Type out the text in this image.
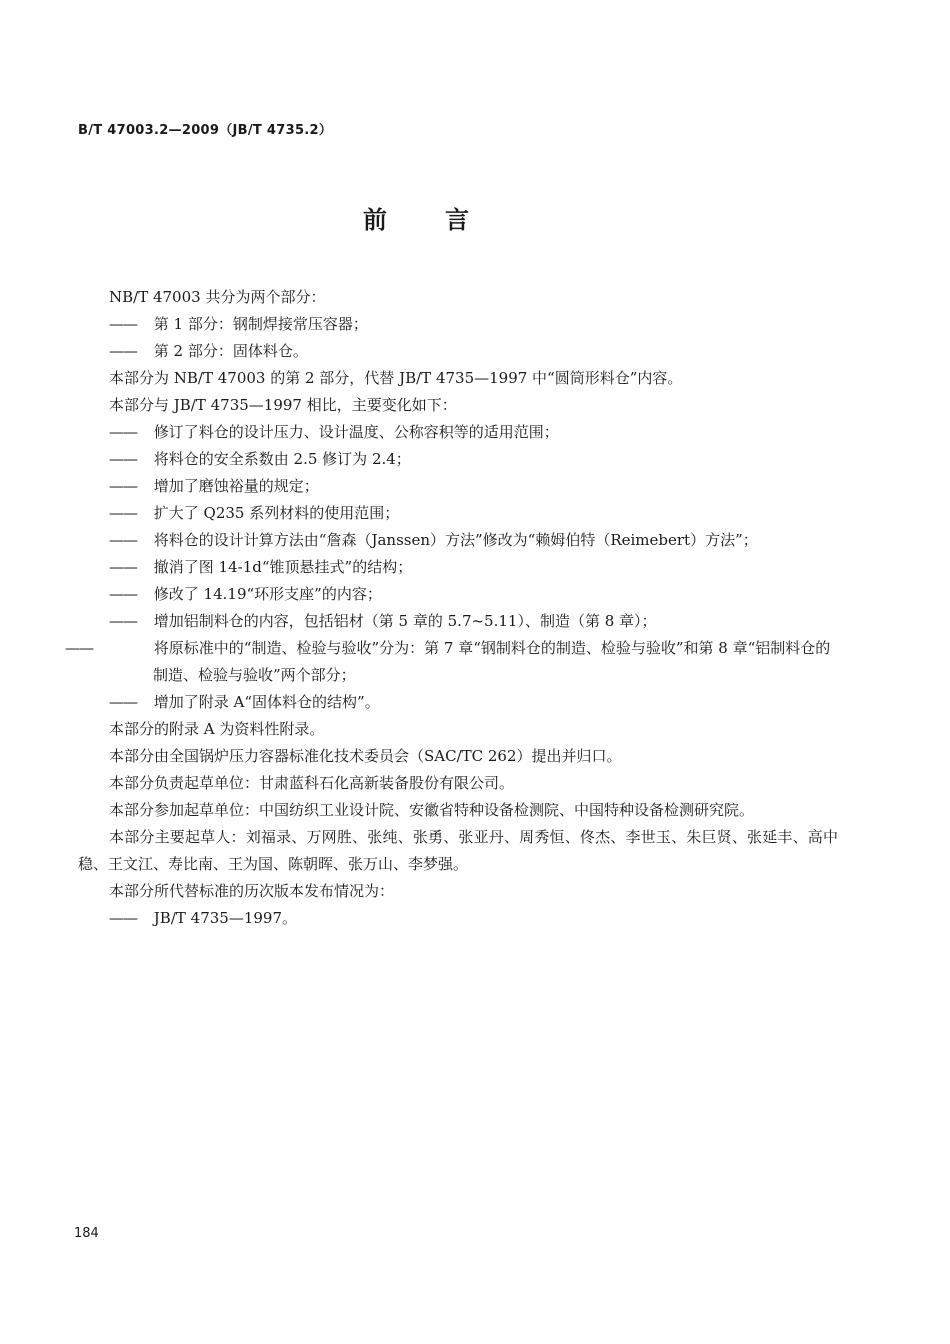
B/T 47003.2—2009（JB/T 4735.2）
前言

NB/T 47003 共分为两个部分：

—— 第 1 部分：钢制焊接常压容器；

—— 第 2 部分：固体料仓。

本部分为 NB/T 47003 的第 2 部分，代替 JB/T 4735—1997 中“圆筒形料仓”内容。

本部分与 JB/T 4735—1997 相比，主要变化如下：

—— 修订了料仓的设计压力、设计温度、公称容积等的适用范围；

—— 将料仓的安全系数由 2.5 修订为 2.4；

—— 增加了磨蚀裕量的规定；

—— 扩大了 Q235 系列材料的使用范围；

—— 将料仓的设计计算方法由“詹森（Janssen）方法”修改为“赖姆伯特（Reimebert）方法”；

—— 撤消了图 14-1d“锥顶悬挂式”的结构；

—— 修改了 14.19“环形支座”的内容；

—— 增加铝制料仓的内容，包括铝材（第 5 章的 5.7~5.11）、制造（第 8 章）；

——	将原标准中的“制造、检验与验收”分为：第 7 章“钢制料仓的制造、检验与验收”和第 8 章“铝制料仓的制造、检验与验收”两个部分；

—— 增加了附录 A“固体料仓的结构”。

本部分的附录 A 为资料性附录。

本部分由全国锅炉压力容器标准化技术委员会（SAC/TC 262）提出并归口。

本部分负责起草单位：甘肃蓝科石化高新装备股份有限公司。

本部分参加起草单位：中国纺织工业设计院、安徽省特种设备检测院、中国特种设备检测研究院。

本部分主要起草人：刘福录、万网胜、张纯、张勇、张亚丹、周秀恒、佟杰、李世玉、朱巨贤、张延丰、高中稳、王文江、寿比南、王为国、陈朝晖、张万山、李梦强。

本部分所代替标准的历次版本发布情况为：

—— JB/T 4735—1997。

184
